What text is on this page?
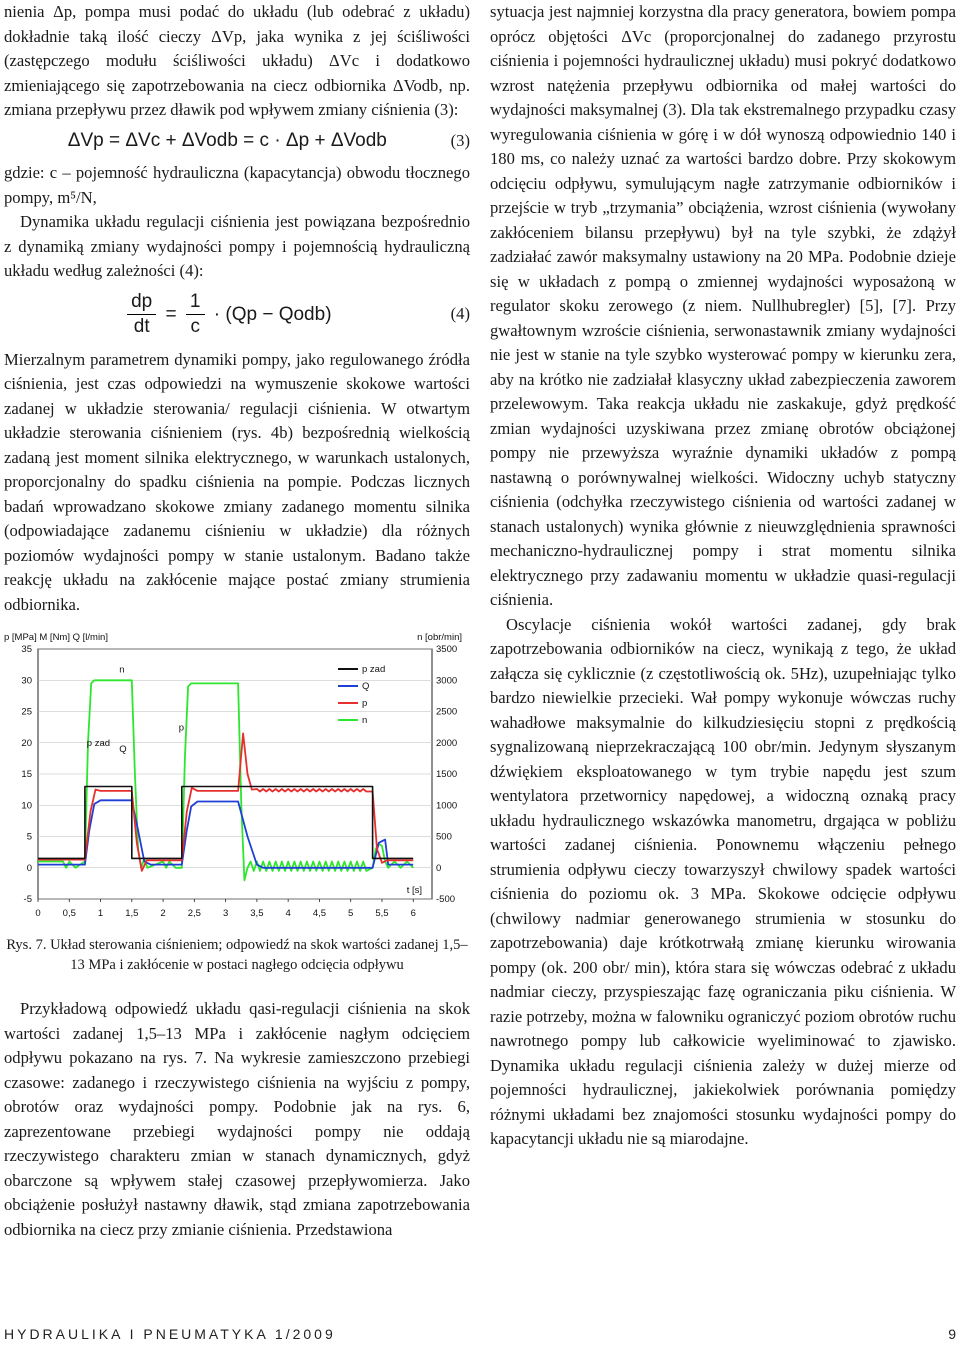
nienia Δp, pompa musi podać do układu (lub odebrać z układu) dokładnie taką ilość cieczy ΔVp, jaka wynika z jej ściśliwości (zastępczego modułu ściśliwości układu) ΔVc i dodatkowo zmieniającego się zapotrzebowania na ciecz odbiornika ΔVodb, np. zmiana przepływu przez dławik pod wpływem zmiany ciśnienia (3):

ΔVp = ΔVc + ΔVodb = c · Δp + ΔVodb	(3)

gdzie: c – pojemność hydrauliczna (kapacytancja) obwodu tłocznego pompy, m⁵/N,

Dynamika układu regulacji ciśnienia jest powiązana bezpośrednio z dynamiką zmiany wydajności pompy i pojemnością hydrauliczną układu według zależności (4):

$\frac{dp}{dt} = \frac{1}{c} \cdot (Qp$ − Qodb)	(4)

Mierzalnym parametrem dynamiki pompy, jako regulowanego źródła ciśnienia, jest czas odpowiedzi na wymuszenie skokowe wartości zadanej w układzie sterowania/ regulacji ciśnienia. W otwartym układzie sterowania ciśnieniem (rys. 4b) bezpośrednią wielkością zadaną jest moment silnika elektrycznego, w warunkach ustalonych, proporcjonalny do spadku ciśnienia na pompie. Podczas licznych badań wprowadzano skokowe zmiany zadanego momentu silnika (odpowiadające zadanemu ciśnieniu w układzie) dla różnych poziomów wydajności pompy w stanie ustalonym. Badano także reakcję układu na zakłócenie mające postać zmiany strumienia odbiornika.

35
30
25
20
15
10
5
0
-5
3500
3000
2500
2000
1500
1000
500
0
-500
0 0,5 1 1,5 2 2,5 3 3,5 4 4,5 5 5,5 6
p [MPa] M [Nm] Q [l/min]	n [obr/min]
t [s]
p zad
Q
p
n
n
p zad
Q
p

Rys. 7. Układ sterowania ciśnieniem; odpowiedź na skok wartości zadanej 1,5–13 MPa i zakłócenie w postaci nagłego odcięcia odpływu

Przykładową odpowiedź układu qasi-regulacji ciśnienia na skok wartości zadanej 1,5–13 MPa i zakłócenie nagłym odcięciem odpływu pokazano na rys. 7. Na wykresie zamieszczono przebiegi czasowe: zadanego i rzeczywistego ciśnienia na wyjściu z pompy, obrotów oraz wydajności pompy. Podobnie jak na rys. 6, zaprezentowane przebiegi wydajności pompy nie oddają rzeczywistego charakteru zmian w stanach dynamicznych, gdyż obarczone są wpływem stałej czasowej przepływomierza. Jako obciążenie posłużył nastawny dławik, stąd zmiana zapotrzebowania odbiornika na ciecz przy zmianie ciśnienia. Przedstawiona

sytuacja jest najmniej korzystna dla pracy generatora, bowiem pompa oprócz objętości ΔVc (proporcjonalnej do zadanego przyrostu ciśnienia i pojemności hydraulicznej układu) musi pokryć dodatkowo wzrost natężenia przepływu odbiornika od małej wartości do wydajności maksymalnej (3). Dla tak ekstremalnego przypadku czasy wyregulowania ciśnienia w górę i w dół wynoszą odpowiednio 140 i 180 ms, co należy uznać za wartości bardzo dobre. Przy skokowym odcięciu odpływu, symulującym nagłe zatrzymanie odbiorników i przejście w tryb „trzymania” obciążenia, wzrost ciśnienia (wywołany zakłóceniem bilansu przepływu) był na tyle szybki, że zdążył zadziałać zawór maksymalny ustawiony na 20 MPa. Podobnie dzieje się w układach z pompą o zmiennej wydajności wyposażoną w regulator skoku zerowego (z niem. Nullhubregler) [5], [7]. Przy gwałtownym wzroście ciśnienia, serwonastawnik zmiany wydajności nie jest w stanie na tyle szybko wysterować pompy w kierunku zera, aby na krótko nie zadziałał klasyczny układ zabezpieczenia zaworem przelewowym. Taka reakcja układu nie zaskakuje, gdyż prędkość zmian wydajności uzyskiwana przez zmianę obrotów obciążonej pompy nie przewyższa wyraźnie dynamiki układów z pompą nastawną o porównywalnej wielkości. Widoczny uchyb statyczny ciśnienia (odchyłka rzeczywistego ciśnienia od wartości zadanej w stanach ustalonych) wynika głównie z nieuwzględnienia sprawności mechaniczno-hydraulicznej pompy i strat momentu silnika elektrycznego przy zadawaniu momentu w układzie quasi-regulacji ciśnienia.

Oscylacje ciśnienia wokół wartości zadanej, gdy brak zapotrzebowania odbiorników na ciecz, wynikają z tego, że układ załącza się cyklicznie (z częstotliwością ok. 5Hz), uzupełniając tylko bardzo niewielkie przecieki. Wał pompy wykonuje wówczas ruchy wahadłowe maksymalnie do kilkudziesięciu stopni z prędkością sygnalizowaną nieprzekraczającą 100 obr/min. Jedynym słyszanym dźwiękiem eksploatowanego w tym trybie napędu jest szum wentylatora przetwornicy napędowej, a widoczną oznaką pracy układu hydraulicznego wskazówka manometru, drgająca w pobliżu wartości zadanej ciśnienia. Ponownemu włączeniu pełnego strumienia odpływu cieczy towarzyszył chwilowy spadek wartości ciśnienia do poziomu ok. 3 MPa. Skokowe odcięcie odpływu (chwilowy nadmiar generowanego strumienia w stosunku do zapotrzebowania) daje krótkotrwałą zmianę kierunku wirowania pompy (ok. 200 obr/ min), która stara się wówczas odebrać z układu nadmiar cieczy, przyspieszając fazę ograniczania piku ciśnienia. W razie potrzeby, można w falowniku ograniczyć poziom obrotów ruchu nawrotnego pompy lub całkowicie wyeliminować to zjawisko. Dynamika układu regulacji ciśnienia zależy w dużej mierze od pojemności hydraulicznej, jakiekolwiek porównania pomiędzy różnymi układami bez znajomości stosunku wydajności pompy do kapacytancji układu nie są miarodajne.

HYDRAULIKA I PNEUMATYKA 1/2009	9
